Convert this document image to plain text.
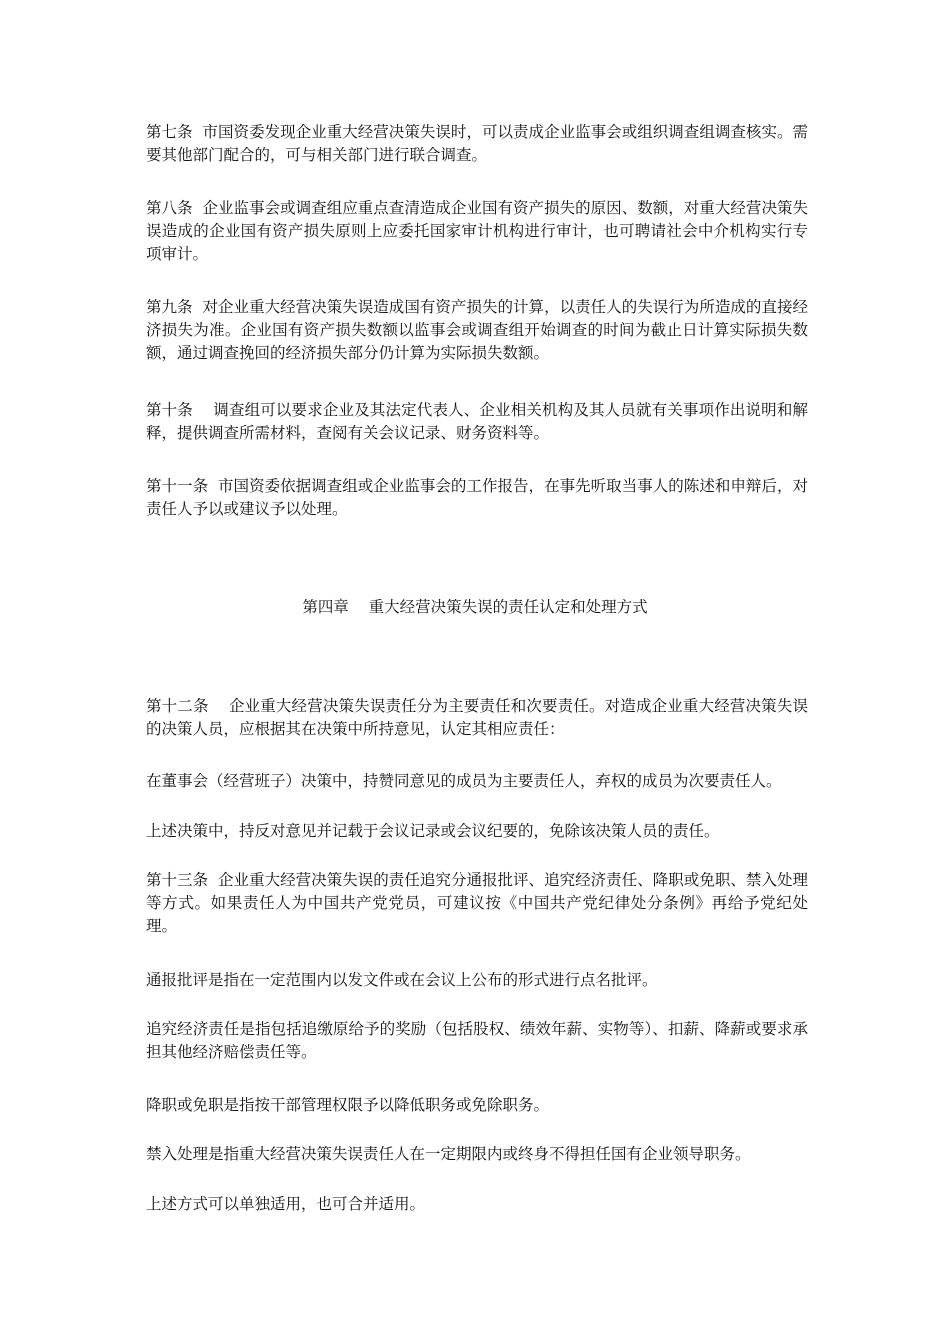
第七条  市国资委发现企业重大经营决策失误时，可以责成企业监事会或组织调查组调查核实。需要其他部门配合的，可与相关部门进行联合调查。

第八条  企业监事会或调查组应重点查清造成企业国有资产损失的原因、数额，对重大经营决策失误造成的企业国有资产损失原则上应委托国家审计机构进行审计，也可聘请社会中介机构实行专项审计。

第九条  对企业重大经营决策失误造成国有资产损失的计算，以责任人的失误行为所造成的直接经济损失为准。企业国有资产损失数额以监事会或调查组开始调查的时间为截止日计算实际损失数额，通过调查挽回的经济损失部分仍计算为实际损失数额。

第十条    调查组可以要求企业及其法定代表人、企业相关机构及其人员就有关事项作出说明和解释，提供调查所需材料，查阅有关会议记录、财务资料等。

第十一条  市国资委依据调查组或企业监事会的工作报告，在事先听取当事人的陈述和申辩后，对责任人予以或建议予以处理。

第四章    重大经营决策失误的责任认定和处理方式

第十二条    企业重大经营决策失误责任分为主要责任和次要责任。对造成企业重大经营决策失误的决策人员，应根据其在决策中所持意见，认定其相应责任：

在董事会（经营班子）决策中，持赞同意见的成员为主要责任人，弃权的成员为次要责任人。

上述决策中，持反对意见并记载于会议记录或会议纪要的，免除该决策人员的责任。

第十三条  企业重大经营决策失误的责任追究分通报批评、追究经济责任、降职或免职、禁入处理等方式。如果责任人为中国共产党党员，可建议按《中国共产党纪律处分条例》再给予党纪处理。

通报批评是指在一定范围内以发文件或在会议上公布的形式进行点名批评。

追究经济责任是指包括追缴原给予的奖励（包括股权、绩效年薪、实物等）、扣薪、降薪或要求承担其他经济赔偿责任等。

降职或免职是指按干部管理权限予以降低职务或免除职务。

禁入处理是指重大经营决策失误责任人在一定期限内或终身不得担任国有企业领导职务。

上述方式可以单独适用，也可合并适用。
